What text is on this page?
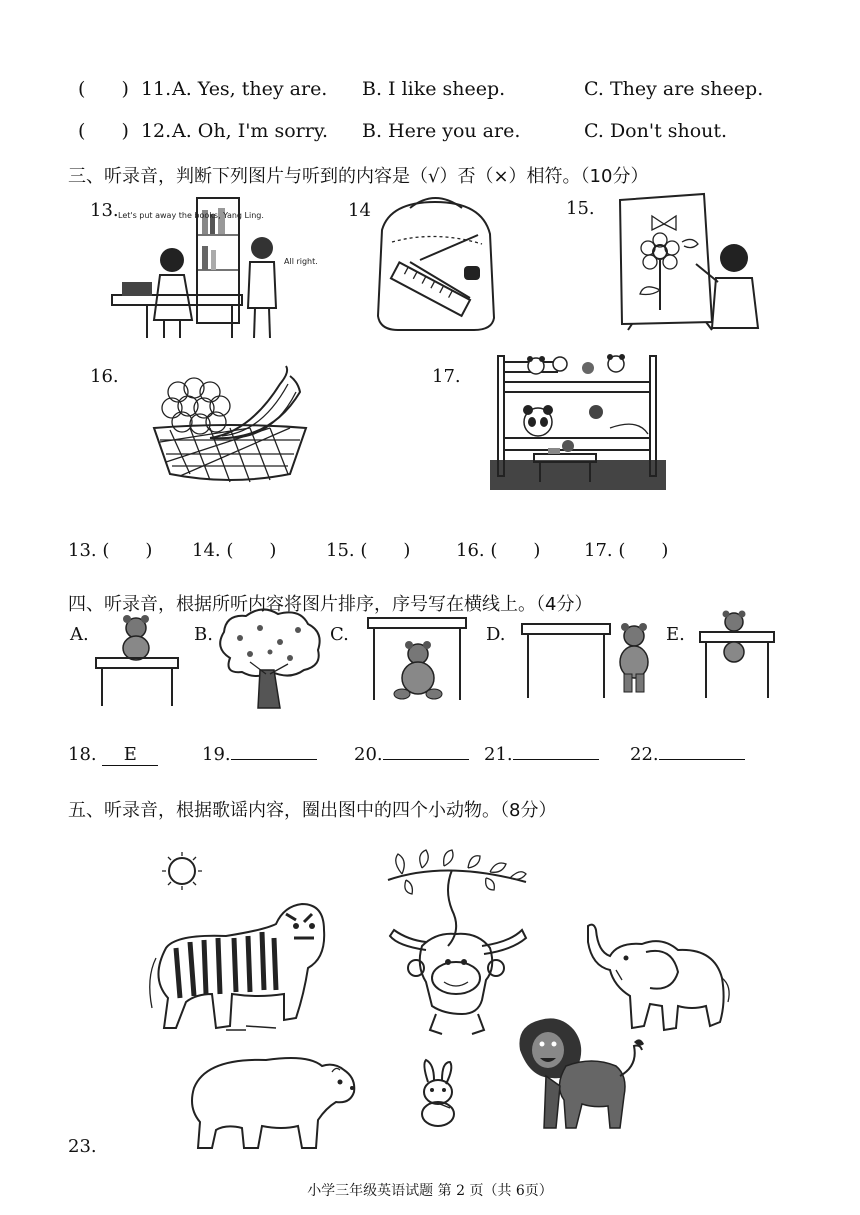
( ) 11. A. Yes, they are. B. I like sheep.	C. They are sheep.
( ) 12. A. Oh, I'm sorry. B. Here you are.	C. Don't shout.
三、听录音，判断下列图片与听到的内容是（√）否（×）相符。（10分）
13.	14	15.
16.	17.
Let's put away the books, Yang Ling.
All right.
13. ( ) 14. ( )	15. ( )	16. ( ) 17. ( )
四、听录音，根据所听内容将图片排序，序号写在横线上。（4分）
A.	B.	C.	D.	E.
18. E	19.	20.	21.	22.
五、听录音，根据歌谣内容，圈出图中的四个小动物。（8分）
23.
小学三年级英语试题 第 2 页（共 6页）
